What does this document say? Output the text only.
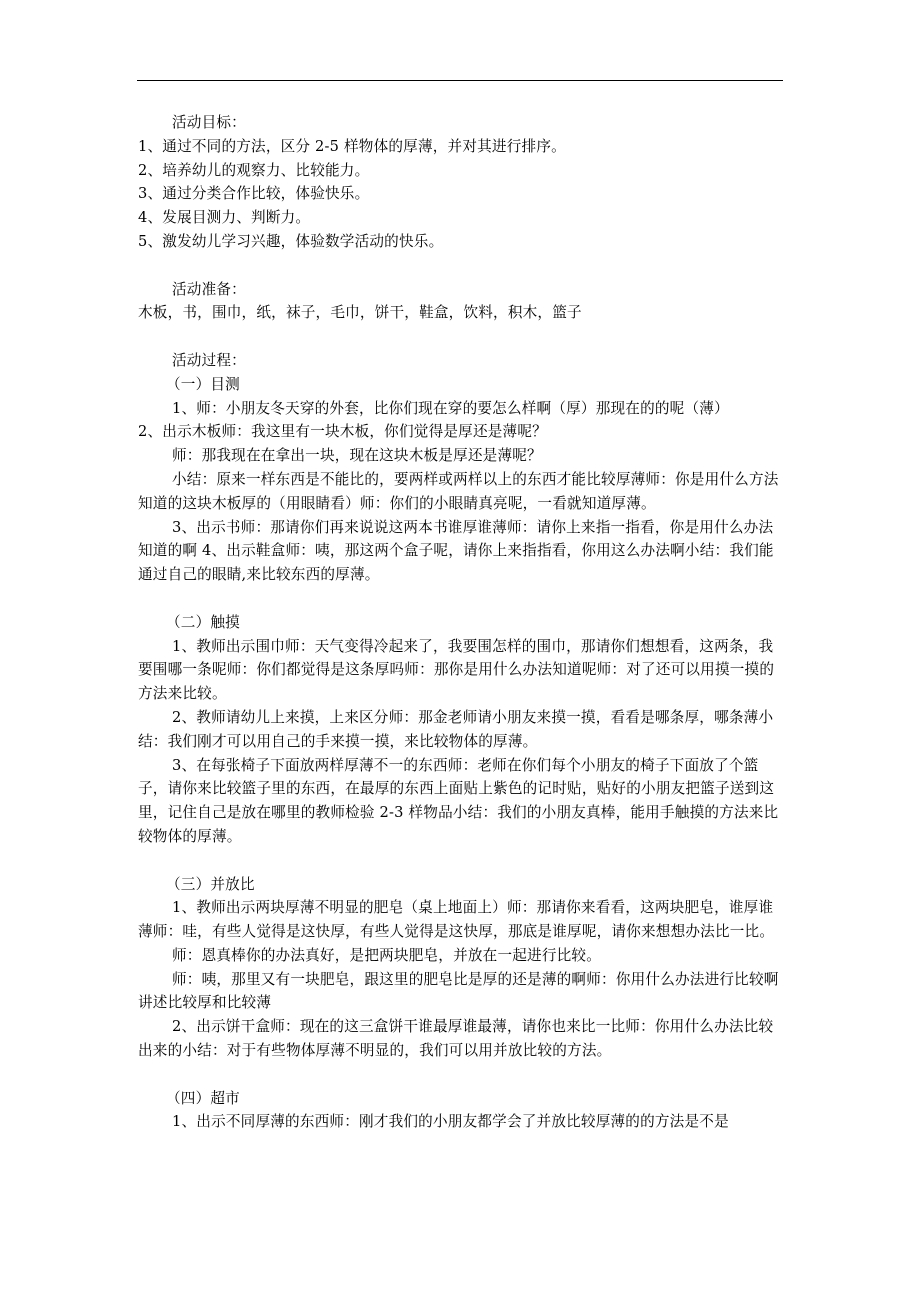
活动目标：

1、通过不同的方法，区分 2-5 样物体的厚薄，并对其进行排序。

2、培养幼儿的观察力、比较能力。

3、通过分类合作比较，体验快乐。

4、发展目测力、判断力。

5、激发幼儿学习兴趣，体验数学活动的快乐。

活动准备：

木板，书，围巾，纸，袜子，毛巾，饼干，鞋盒，饮料，积木，篮子

活动过程：

（一）目测

1、师：小朋友冬天穿的外套，比你们现在穿的要怎么样啊（厚）那现在的的呢（薄）

2、出示木板师：我这里有一块木板，你们觉得是厚还是薄呢？

师：那我现在在拿出一块，现在这块木板是厚还是薄呢？

小结：原来一样东西是不能比的，要两样或两样以上的东西才能比较厚薄师：你是用什么方法知道的这块木板厚的（用眼睛看）师：你们的小眼睛真亮呢，一看就知道厚薄。

3、出示书师：那请你们再来说说这两本书谁厚谁薄师：请你上来指一指看，你是用什么办法知道的啊 4、出示鞋盒师：咦，那这两个盒子呢，请你上来指指看，你用这么办法啊小结：我们能通过自己的眼睛,来比较东西的厚薄。

（二）触摸

1、教师出示围巾师：天气变得冷起来了，我要围怎样的围巾，那请你们想想看，这两条，我要围哪一条呢师：你们都觉得是这条厚吗师：那你是用什么办法知道呢师：对了还可以用摸一摸的方法来比较。

2、教师请幼儿上来摸，上来区分师：那金老师请小朋友来摸一摸，看看是哪条厚，哪条薄小结：我们刚才可以用自己的手来摸一摸，来比较物体的厚薄。

3、在每张椅子下面放两样厚薄不一的东西师：老师在你们每个小朋友的椅子下面放了个篮子，请你来比较篮子里的东西，在最厚的东西上面贴上紫色的记时贴，贴好的小朋友把篮子送到这里，记住自己是放在哪里的教师检验 2-3 样物品小结：我们的小朋友真棒，能用手触摸的方法来比较物体的厚薄。

（三）并放比

1、教师出示两块厚薄不明显的肥皂（桌上地面上）师：那请你来看看，这两块肥皂，谁厚谁薄师：哇，有些人觉得是这快厚，有些人觉得是这快厚，那底是谁厚呢，请你来想想办法比一比。

师：恩真棒你的办法真好，是把两块肥皂，并放在一起进行比较。

师：咦，那里又有一块肥皂，跟这里的肥皂比是厚的还是薄的啊师：你用什么办法进行比较啊讲述比较厚和比较薄

2、出示饼干盒师：现在的这三盒饼干谁最厚谁最薄，请你也来比一比师：你用什么办法比较出来的小结：对于有些物体厚薄不明显的，我们可以用并放比较的方法。

（四）超市

1、出示不同厚薄的东西师：刚才我们的小朋友都学会了并放比较厚薄的的方法是不是
